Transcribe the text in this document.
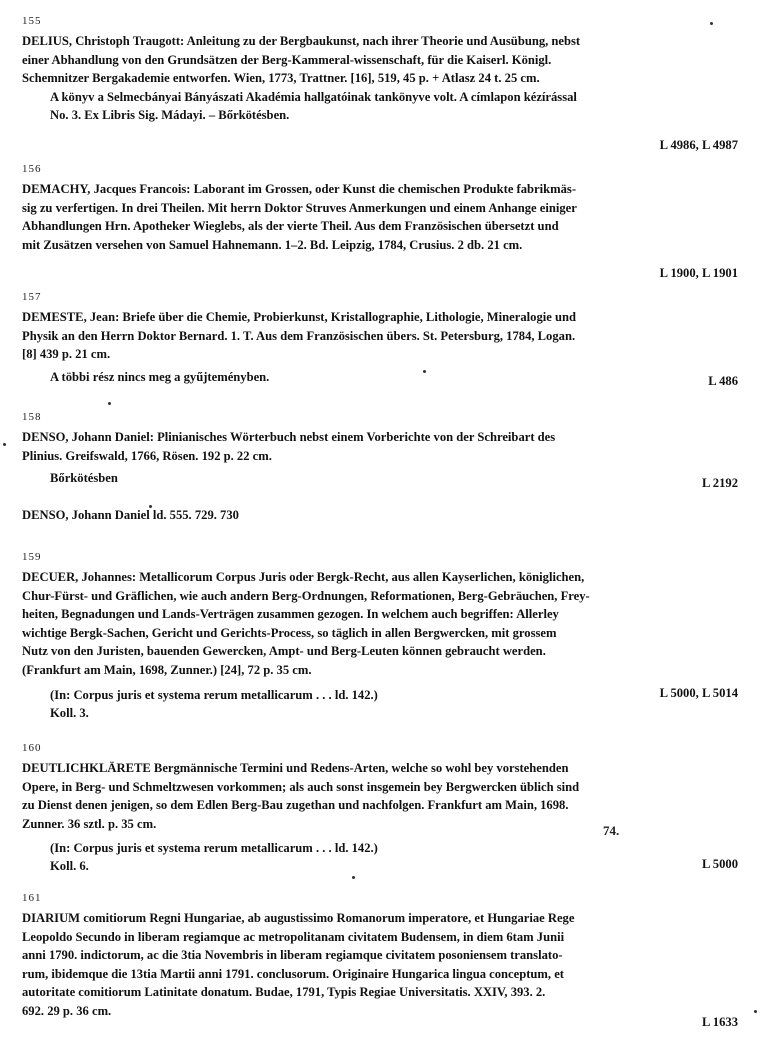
155
DELIUS, Christoph Traugott: Anleitung zu der Bergbaukunst, nach ihrer Theorie und Ausübung, nebst
einer Abhandlung von den Grundsätzen der Berg-Kammeral-wissenschaft, für die Kaiserl. Königl.
Schemnitzer Bergakademie entworfen. Wien, 1773, Trattner. [16], 519, 45 p. + Atlasz 24 t. 25 cm.
A könyv a Selmecbányai Bányászati Akadémia hallgatóinak tankönyve volt. A címlapon kézírással
No. 3. Ex Libris Sig. Mádayi. – Bőrkötésben.
L 4986, L 4987
156
DEMACHY, Jacques Francois: Laborant im Grossen, oder Kunst die chemischen Produkte fabrikmäs-
sig zu verfertigen. In drei Theilen. Mit herrn Doktor Struves Anmerkungen und einem Anhange einiger
Abhandlungen Hrn. Apotheker Wieglebs, als der vierte Theil. Aus dem Französischen übersetzt und
mit Zusätzen versehen von Samuel Hahnemann. 1–2. Bd. Leipzig, 1784, Crusius. 2 db. 21 cm.
L 1900, L 1901
157
DEMESTE, Jean: Briefe über die Chemie, Probierkunst, Kristallographie, Lithologie, Mineralogie und
Physik an den Herrn Doktor Bernard. 1. T. Aus dem Französischen übers. St. Petersburg, 1784, Logan.
[8] 439 p. 21 cm.
A többi rész nincs meg a gyűjteményben.	L 486
158
DENSO, Johann Daniel: Plinianisches Wörterbuch nebst einem Vorberichte von der Schreibart des
Plinius. Greifswald, 1766, Rösen. 192 p. 22 cm.
Bőrkötésben	L 2192
DENSO, Johann Daniel ld. 555. 729. 730
159
DECUER, Johannes: Metallicorum Corpus Juris oder Bergk-Recht, aus allen Kayserlichen, königlichen,
Chur-Fürst- und Gräflichen, wie auch andern Berg-Ordnungen, Reformationen, Berg-Gebräuchen, Frey-
heiten, Begnadungen und Lands-Verträgen zusammen gezogen. In welchem auch begriffen: Allerley
wichtige Bergk-Sachen, Gericht und Gerichts-Process, so täglich in allen Bergwercken, mit grossem
Nutz von den Juristen, bauenden Gewercken, Ampt- und Berg-Leuten können gebraucht werden.
(Frankfurt am Main, 1698, Zunner.) [24], 72 p. 35 cm.
(In: Corpus juris et systema rerum metallicarum . . . ld. 142.)
Koll. 3.
L 5000, L 5014
160
DEUTLICHKLÄRETE Bergmännische Termini und Redens-Arten, welche so wohl bey vorstehenden
Opere, in Berg- und Schmeltzwesen vorkommen; als auch sonst insgemein bey Bergwercken üblich sind
zu Dienst denen jenigen, so dem Edlen Berg-Bau zugethan und nachfolgen. Frankfurt am Main, 1698.
Zunner. 36 sztl. p. 35 cm.
(In: Corpus juris et systema rerum metallicarum . . . ld. 142.)
Koll. 6.	L 5000
161
DIARIUM comitiorum Regni Hungariae, ab augustissimo Romanorum imperatore, et Hungariae Rege
Leopoldo Secundo in liberam regiamque ac metropolitanam civitatem Budensem, in diem 6tam Junii
anni 1790. indictorum, ac die 3tia Novembris in liberam regiamque civitatem posoniensem translato-
rum, ibidemque die 13tia Martii anni 1791. conclusorum. Originaire Hungarica lingua conceptum, et
autoritate comitiorum Latinitate donatum. Budae, 1791, Typis Regiae Universitatis. XXIV, 393. 2.
692. 29 p. 36 cm.
L 1633
74.
